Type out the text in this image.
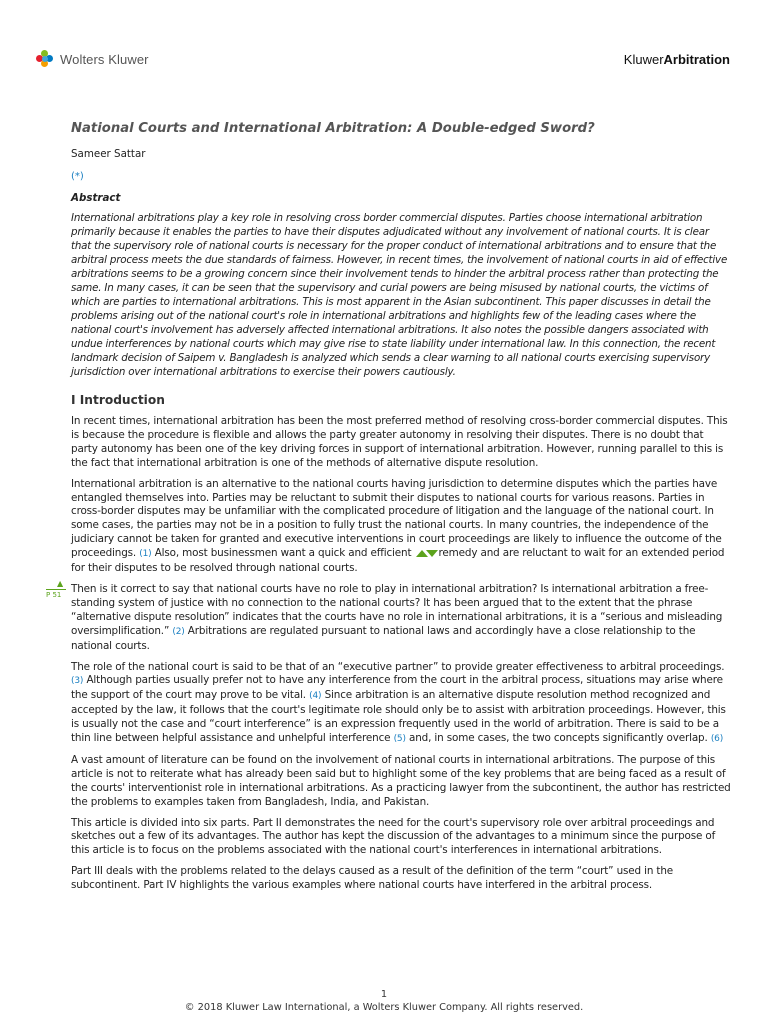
Wolters Kluwer	KluwerArbitration
▲
P 51
National Courts and International Arbitration: A Double-edged Sword?

Sameer Sattar

(*)

Abstract

International arbitrations play a key role in resolving cross border commercial disputes. Parties choose international arbitration primarily because it enables the parties to have their disputes adjudicated without any involvement of national courts. It is clear that the supervisory role of national courts is necessary for the proper conduct of international arbitrations and to ensure that the arbitral process meets the due standards of fairness. However, in recent times, the involvement of national courts in aid of effective arbitrations seems to be a growing concern since their involvement tends to hinder the arbitral process rather than protecting the same. In many cases, it can be seen that the supervisory and curial powers are being misused by national courts, the victims of which are parties to international arbitrations. This is most apparent in the Asian subcontinent. This paper discusses in detail the problems arising out of the national court's role in international arbitrations and highlights few of the leading cases where the national court's involvement has adversely affected international arbitrations. It also notes the possible dangers associated with undue interferences by national courts which may give rise to state liability under international law. In this connection, the recent landmark decision of Saipem v. Bangladesh is analyzed which sends a clear warning to all national courts exercising supervisory jurisdiction over international arbitrations to exercise their powers cautiously.

I Introduction

In recent times, international arbitration has been the most preferred method of resolving cross-border commercial disputes. This is because the procedure is flexible and allows the party greater autonomy in resolving their disputes. There is no doubt that party autonomy has been one of the key driving forces in support of international arbitration. However, running parallel to this is the fact that international arbitration is one of the methods of alternative dispute resolution.

International arbitration is an alternative to the national courts having jurisdiction to determine disputes which the parties have entangled themselves into. Parties may be reluctant to submit their disputes to national courts for various reasons. Parties in cross-border disputes may be unfamiliar with the complicated procedure of litigation and the language of the national court. In some cases, the parties may not be in a position to fully trust the national courts. In many countries, the independence of the judiciary cannot be taken for granted and executive interventions in court proceedings are likely to influence the outcome of the proceedings. (1) Also, most businessmen want a quick and efficient remedy and are reluctant to wait for an extended period for their disputes to be resolved through national courts.

Then is it correct to say that national courts have no role to play in international arbitration? Is international arbitration a free-standing system of justice with no connection to the national courts? It has been argued that to the extent that the phrase “alternative dispute resolution” indicates that the courts have no role in international arbitrations, it is a “serious and misleading oversimplification.” (2) Arbitrations are regulated pursuant to national laws and accordingly have a close relationship to the national courts.

The role of the national court is said to be that of an “executive partner” to provide greater effectiveness to arbitral proceedings. (3) Although parties usually prefer not to have any interference from the court in the arbitral process, situations may arise where the support of the court may prove to be vital. (4) Since arbitration is an alternative dispute resolution method recognized and accepted by the law, it follows that the court's legitimate role should only be to assist with arbitration proceedings. However, this is usually not the case and “court interference” is an expression frequently used in the world of arbitration. There is said to be a thin line between helpful assistance and unhelpful interference (5) and, in some cases, the two concepts significantly overlap. (6)

A vast amount of literature can be found on the involvement of national courts in international arbitrations. The purpose of this article is not to reiterate what has already been said but to highlight some of the key problems that are being faced as a result of the courts' interventionist role in international arbitrations. As a practicing lawyer from the subcontinent, the author has restricted the problems to examples taken from Bangladesh, India, and Pakistan.

This article is divided into six parts. Part II demonstrates the need for the court's supervisory role over arbitral proceedings and sketches out a few of its advantages. The author has kept the discussion of the advantages to a minimum since the purpose of this article is to focus on the problems associated with the national court's interferences in international arbitrations.

Part III deals with the problems related to the delays caused as a result of the definition of the term “court” used in the subcontinent. Part IV highlights the various examples where national courts have interfered in the arbitral process.

1
© 2018 Kluwer Law International, a Wolters Kluwer Company. All rights reserved.
